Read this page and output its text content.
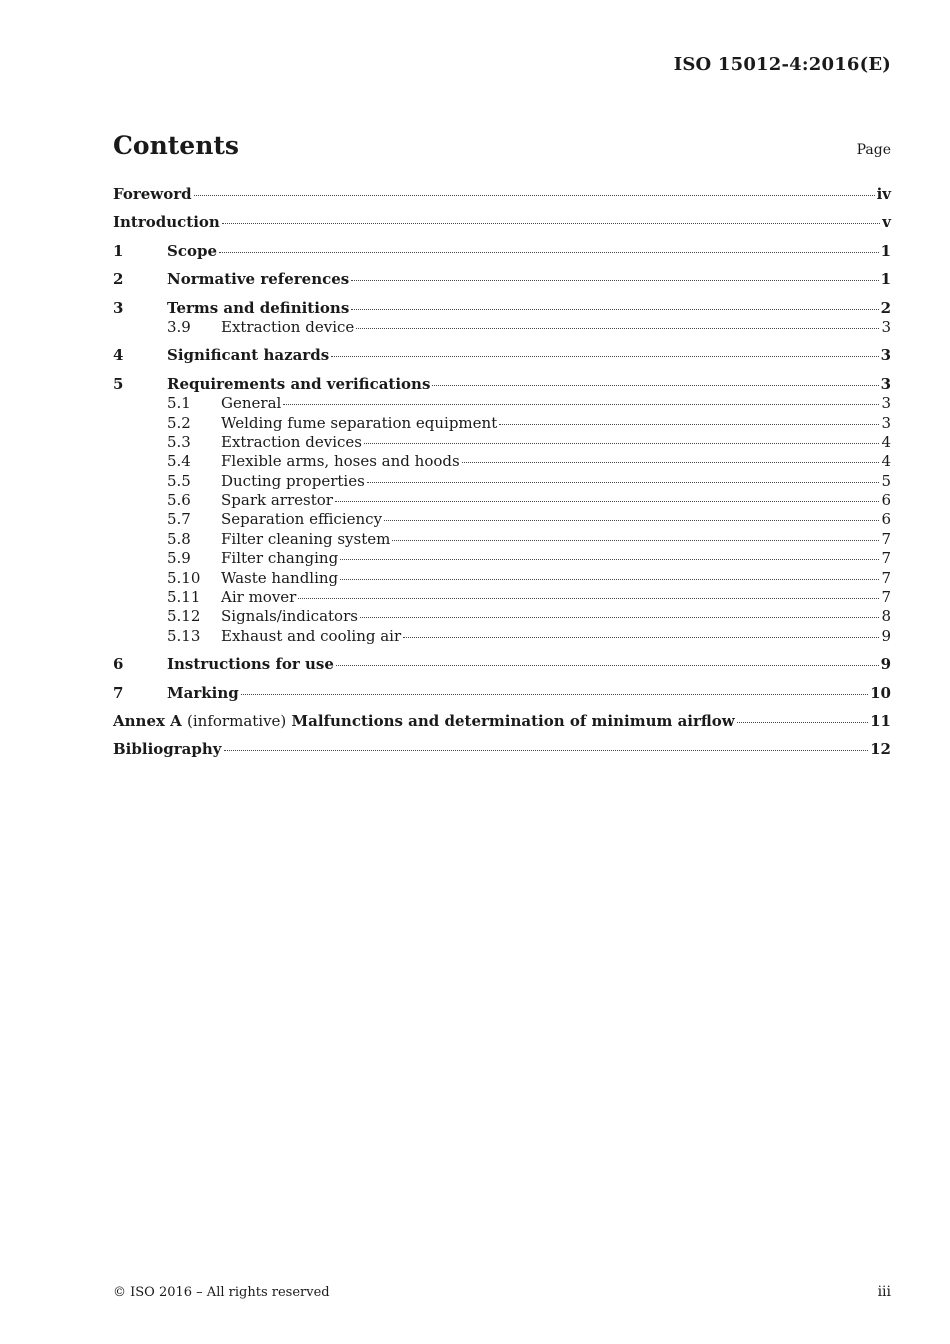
ISO 15012-4:2016(E)
Contents	Page
Foreword	iv
Introduction	v
1	Scope	1
2	Normative references	1
3	Terms and definitions	2
3.9	Extraction device	3
4	Significant hazards	3
5	Requirements and verifications	3
5.1	General	3
5.2	Welding fume separation equipment	3
5.3	Extraction devices	4
5.4	Flexible arms, hoses and hoods	4
5.5	Ducting properties	5
5.6	Spark arrestor	6
5.7	Separation efficiency	6
5.8	Filter cleaning system	7
5.9	Filter changing	7
5.10	Waste handling	7
5.11	Air mover	7
5.12	Signals/indicators	8
5.13	Exhaust and cooling air	9
6	Instructions for use	9
7	Marking	10
Annex A (informative) Malfunctions and determination of minimum airflow	11
Bibliography	12
© ISO 2016 – All rights reserved	iii
